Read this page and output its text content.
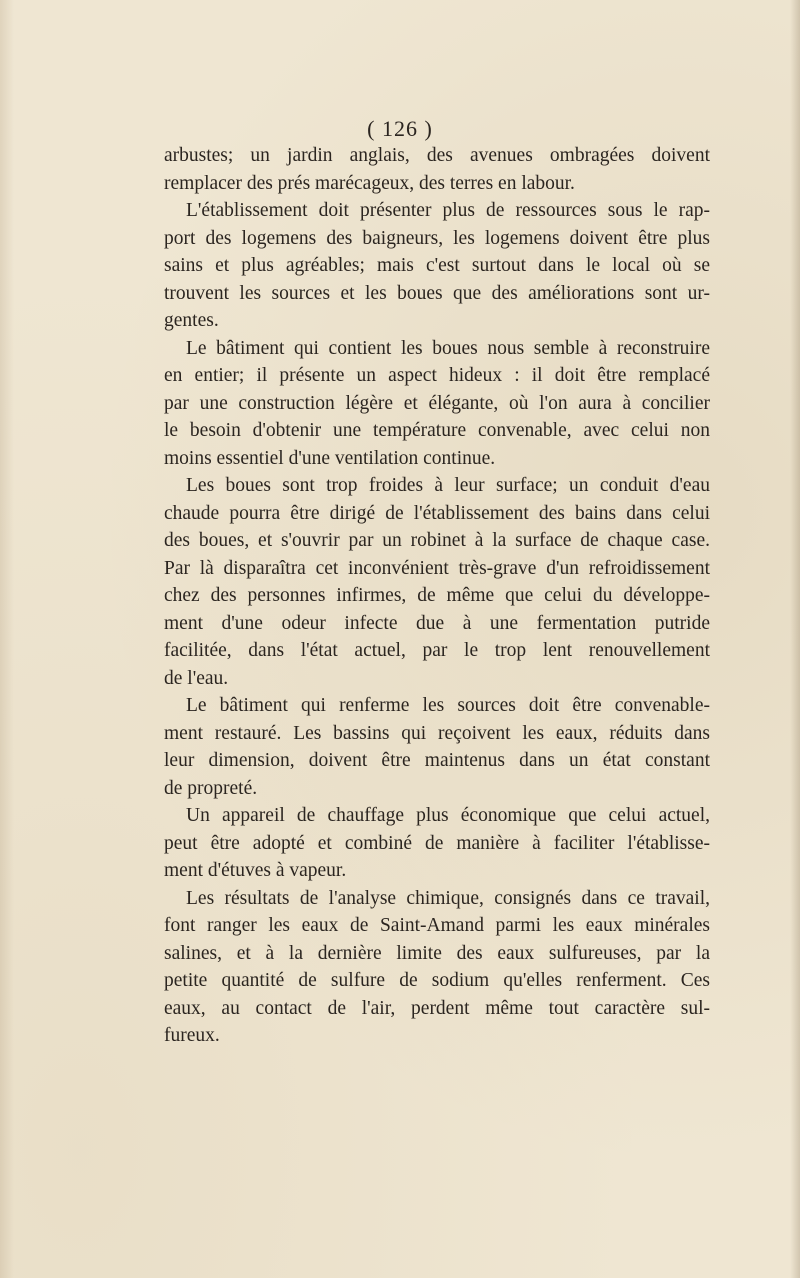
( 126 )
arbustes; un jardin anglais, des avenues ombragées doivent
remplacer des prés marécageux, des terres en labour.
L'établissement doit présenter plus de ressources sous le rap-
port des logemens des baigneurs, les logemens doivent être plus
sains et plus agréables; mais c'est surtout dans le local où se
trouvent les sources et les boues que des améliorations sont ur-
gentes.
Le bâtiment qui contient les boues nous semble à reconstruire
en entier; il présente un aspect hideux : il doit être remplacé
par une construction légère et élégante, où l'on aura à concilier
le besoin d'obtenir une température convenable, avec celui non
moins essentiel d'une ventilation continue.
Les boues sont trop froides à leur surface; un conduit d'eau
chaude pourra être dirigé de l'établissement des bains dans celui
des boues, et s'ouvrir par un robinet à la surface de chaque case.
Par là disparaîtra cet inconvénient très-grave d'un refroidissement
chez des personnes infirmes, de même que celui du développe-
ment d'une odeur infecte due à une fermentation putride
facilitée, dans l'état actuel, par le trop lent renouvellement
de l'eau.
Le bâtiment qui renferme les sources doit être convenable-
ment restauré. Les bassins qui reçoivent les eaux, réduits dans
leur dimension, doivent être maintenus dans un état constant
de propreté.
Un appareil de chauffage plus économique que celui actuel,
peut être adopté et combiné de manière à faciliter l'établisse-
ment d'étuves à vapeur.
Les résultats de l'analyse chimique, consignés dans ce travail,
font ranger les eaux de Saint-Amand parmi les eaux minérales
salines, et à la dernière limite des eaux sulfureuses, par la
petite quantité de sulfure de sodium qu'elles renferment. Ces
eaux, au contact de l'air, perdent même tout caractère sul-
fureux.
